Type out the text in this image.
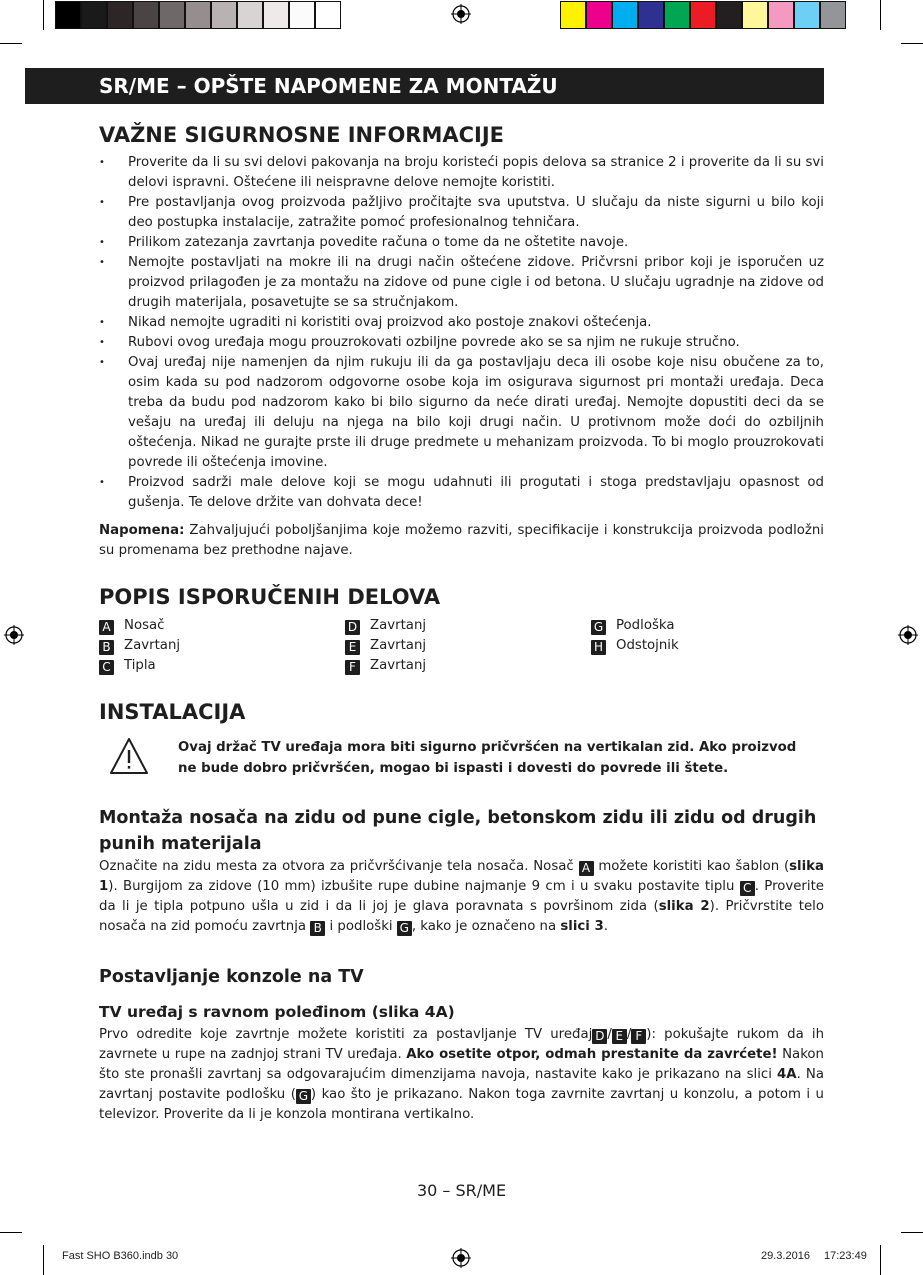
SR/ME – OPŠTE NAPOMENE ZA MONTAŽU
VAŽNE SIGURNOSNE INFORMACIJE
• Proverite da li su svi delovi pakovanja na broju koristeći popis delova sa stranice 2 i proverite da li su svi delovi ispravni. Oštećene ili neispravne delove nemojte koristiti.
• Pre postavljanja ovog proizvoda pažljivo pročitajte sva uputstva. U slučaju da niste sigurni u bilo koji deo postupka instalacije, zatražite pomoć profesionalnog tehničara.
• Prilikom zatezanja zavrtanja povedite računa o tome da ne oštetite navoje.
• Nemojte postavljati na mokre ili na drugi način oštećene zidove. Pričvrsni pribor koji je isporučen uz proizvod prilagođen je za montažu na zidove od pune cigle i od betona. U slučaju ugradnje na zidove od drugih materijala, posavetujte se sa stručnjakom.
• Nikad nemojte ugraditi ni koristiti ovaj proizvod ako postoje znakovi oštećenja.
• Rubovi ovog uređaja mogu prouzrokovati ozbiljne povrede ako se sa njim ne rukuje stručno.
• Ovaj uređaj nije namenjen da njim rukuju ili da ga postavljaju deca ili osobe koje nisu obučene za to, osim kada su pod nadzorom odgovorne osobe koja im osigurava sigurnost pri montaži uređaja. Deca treba da budu pod nadzorom kako bi bilo sigurno da neće dirati uređaj. Nemojte dopustiti deci da se vešaju na uređaj ili deluju na njega na bilo koji drugi način. U protivnom može doći do ozbiljnih oštećenja. Nikad ne gurajte prste ili druge predmete u mehanizam proizvoda. To bi moglo prouzrokovati povrede ili oštećenja imovine.
• Proizvod sadrži male delove koji se mogu udahnuti ili progutati i stoga predstavljaju opasnost od gušenja. Te delove držite van dohvata dece!

Napomena: Zahvaljujući poboljšanjima koje možemo razviti, specifikacije i konstrukcija proizvoda podložni su promenama bez prethodne najave.

POPIS ISPORUČENIH DELOVA
A Nosač
B Zavrtanj
C Tipla
D Zavrtanj
E Zavrtanj
F Zavrtanj
G Podloška
H Odstojnik
INSTALACIJA
Ovaj držač TV uređaja mora biti sigurno pričvršćen na vertikalan zid. Ako proizvod ne bude dobro pričvršćen, mogao bi ispasti i dovesti do povrede ili štete.
Montaža nosača na zidu od pune cigle, betonskom zidu ili zidu od drugih punih materijala

Označite na zidu mesta za otvora za pričvršćivanje tela nosača. Nosač A možete koristiti kao šablon (slika 1). Burgijom za zidove (10 mm) izbušite rupe dubine najmanje 9 cm i u svaku postavite tiplu C . Proverite da li je tipla potpuno ušla u zid i da li joj je glava poravnata s površinom zida (slika 2). Pričvrstite telo nosača na zid pomoću zavrtnja B i podloški G , kako je označeno na slici 3.

Postavljanje konzole na TV
TV uređaj s ravnom poleđinom (slika 4A)

Prvo odredite koje zavrtnje možete koristiti za postavljanje TV uređaj D / E / F ): pokušajte rukom da ih zavrnete u rupe na zadnjoj strani TV uređaja. Ako osetite otpor, odmah prestanite da zavrćete! Nakon što ste pronašli zavrtanj sa odgovarajućim dimenzijama navoja, nastavite kako je prikazano na slici 4A. Na zavrtanj postavite podlošku ( G ) kao što je prikazano. Nakon toga zavrnite zavrtanj u konzolu, a potom i u televizor. Proverite da li je konzola montirana vertikalno.

30 – SR/ME
Fast SHO B360.indb 30	29.3.2016 17:23:49
